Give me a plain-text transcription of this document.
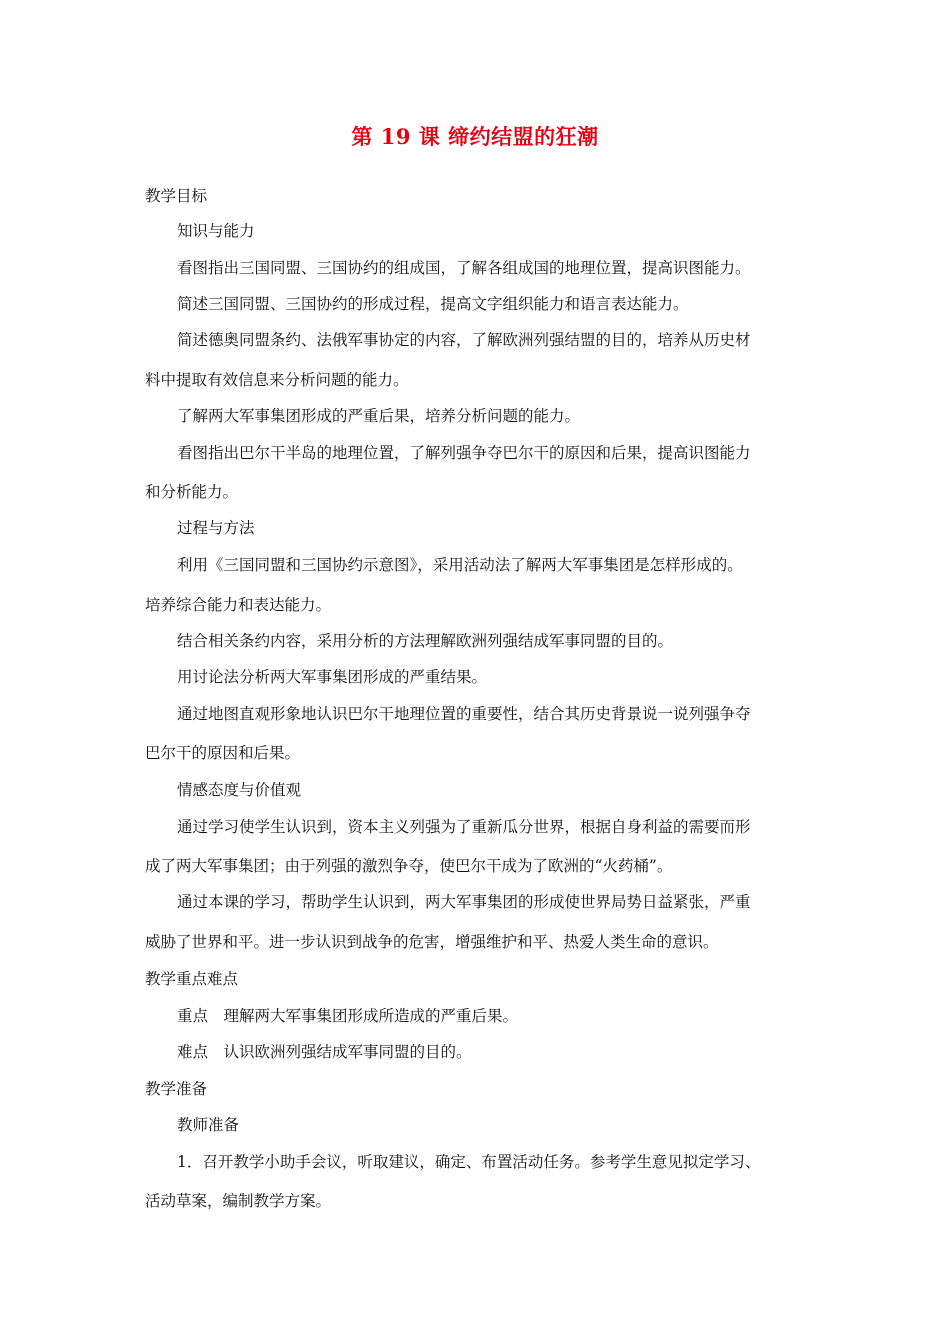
第 19 课 缔约结盟的狂潮
教学目标
知识与能力
看图指出三国同盟、三国协约的组成国，了解各组成国的地理位置，提高识图能力。
简述三国同盟、三国协约的形成过程，提高文字组织能力和语言表达能力。
简述德奥同盟条约、法俄军事协定的内容，了解欧洲列强结盟的目的，培养从历史材
料中提取有效信息来分析问题的能力。
了解两大军事集团形成的严重后果，培养分析问题的能力。
看图指出巴尔干半岛的地理位置，了解列强争夺巴尔干的原因和后果，提高识图能力
和分析能力。
过程与方法
利用《三国同盟和三国协约示意图》，采用活动法了解两大军事集团是怎样形成的。
培养综合能力和表达能力。
结合相关条约内容，采用分析的方法理解欧洲列强结成军事同盟的目的。
用讨论法分析两大军事集团形成的严重结果。
通过地图直观形象地认识巴尔干地理位置的重要性，结合其历史背景说一说列强争夺
巴尔干的原因和后果。
情感态度与价值观
通过学习使学生认识到，资本主义列强为了重新瓜分世界，根据自身利益的需要而形
成了两大军事集团；由于列强的激烈争夺，使巴尔干成为了欧洲的“火药桶”。
通过本课的学习，帮助学生认识到，两大军事集团的形成使世界局势日益紧张，严重
威胁了世界和平。进一步认识到战争的危害，增强维护和平、热爱人类生命的意识。
教学重点难点
重点　理解两大军事集团形成所造成的严重后果。
难点　认识欧洲列强结成军事同盟的目的。
教学准备
教师准备
1．召开教学小助手会议，听取建议，确定、布置活动任务。参考学生意见拟定学习、
活动草案，编制教学方案。
